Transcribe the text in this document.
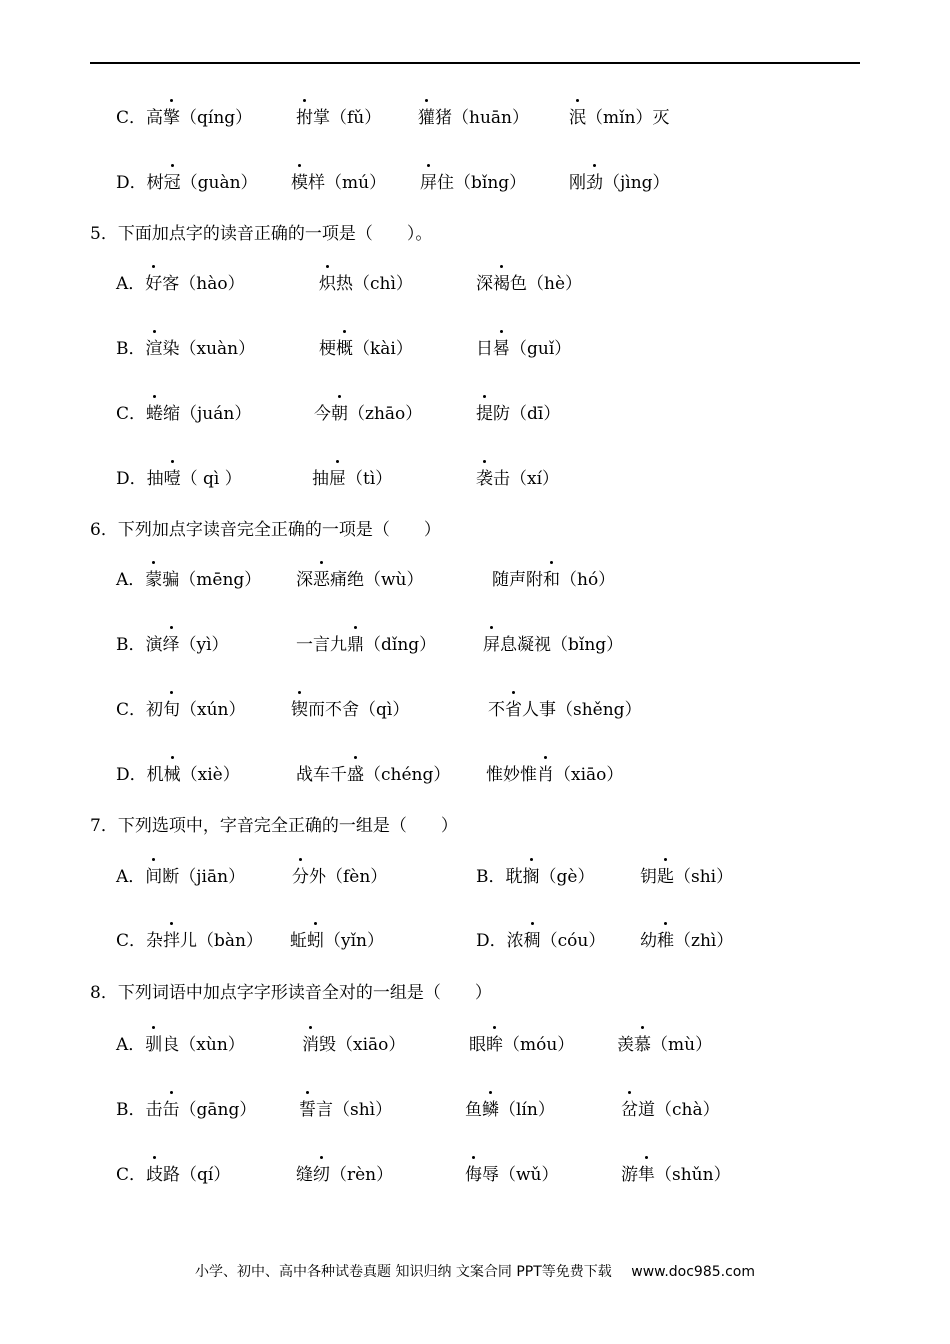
C．高擎（qíng）	拊掌（fǔ） 獾猪（huān） 泯（mǐn）灭
D．树冠（guàn） 模样（mú） 屏住（bǐng）	刚劲（jìng）
5．下面加点字的读音正确的一项是（　　）。
A．好客（hào）	炽热（chì）	深褐色（hè）
B．渲染（xuàn）	梗概（kài）	日晷（guǐ）
C．蜷缩（juán）	今朝（zhāo）	提防（dī）
D．抽噎（ qì ）	抽屉（tì）	袭击（xí）
6．下列加点字读音完全正确的一项是（　　）
A．蒙骗（mēng） 深恶痛绝（wù）	随声附和（hó）
B．演绎（yì）	一言九鼎（dǐng）	屏息凝视（bǐng）
C．初旬（xún）	锲而不舍（qì）	不省人事（shěng）
D．机械（xiè）	战车千盛（chéng） 惟妙惟肖（xiāo）
7．下列选项中，字音完全正确的一组是（　　）
A．间断（jiān）	分外（fèn）	B．耽搁（gè）	钥匙（shi）
C．杂拌儿（bàn） 蚯蚓（yǐn）	D．浓稠（cóu） 幼稚（zhì）
8．下列词语中加点字字形读音全对的一组是（　　）
A．驯良（xùn）	消毁（xiāo）	眼眸（móu）	羡慕（mù）
B．击缶（gāng）	誓言（shì）	鱼鳞（lín）	岔道（chà）
C．歧路（qí）	缝纫（rèn）	侮辱（wǔ）	游隼（shǔn）
小学、初中、高中各种试卷真题 知识归纳 文案合同 PPT等免费下载 www.doc985.com
